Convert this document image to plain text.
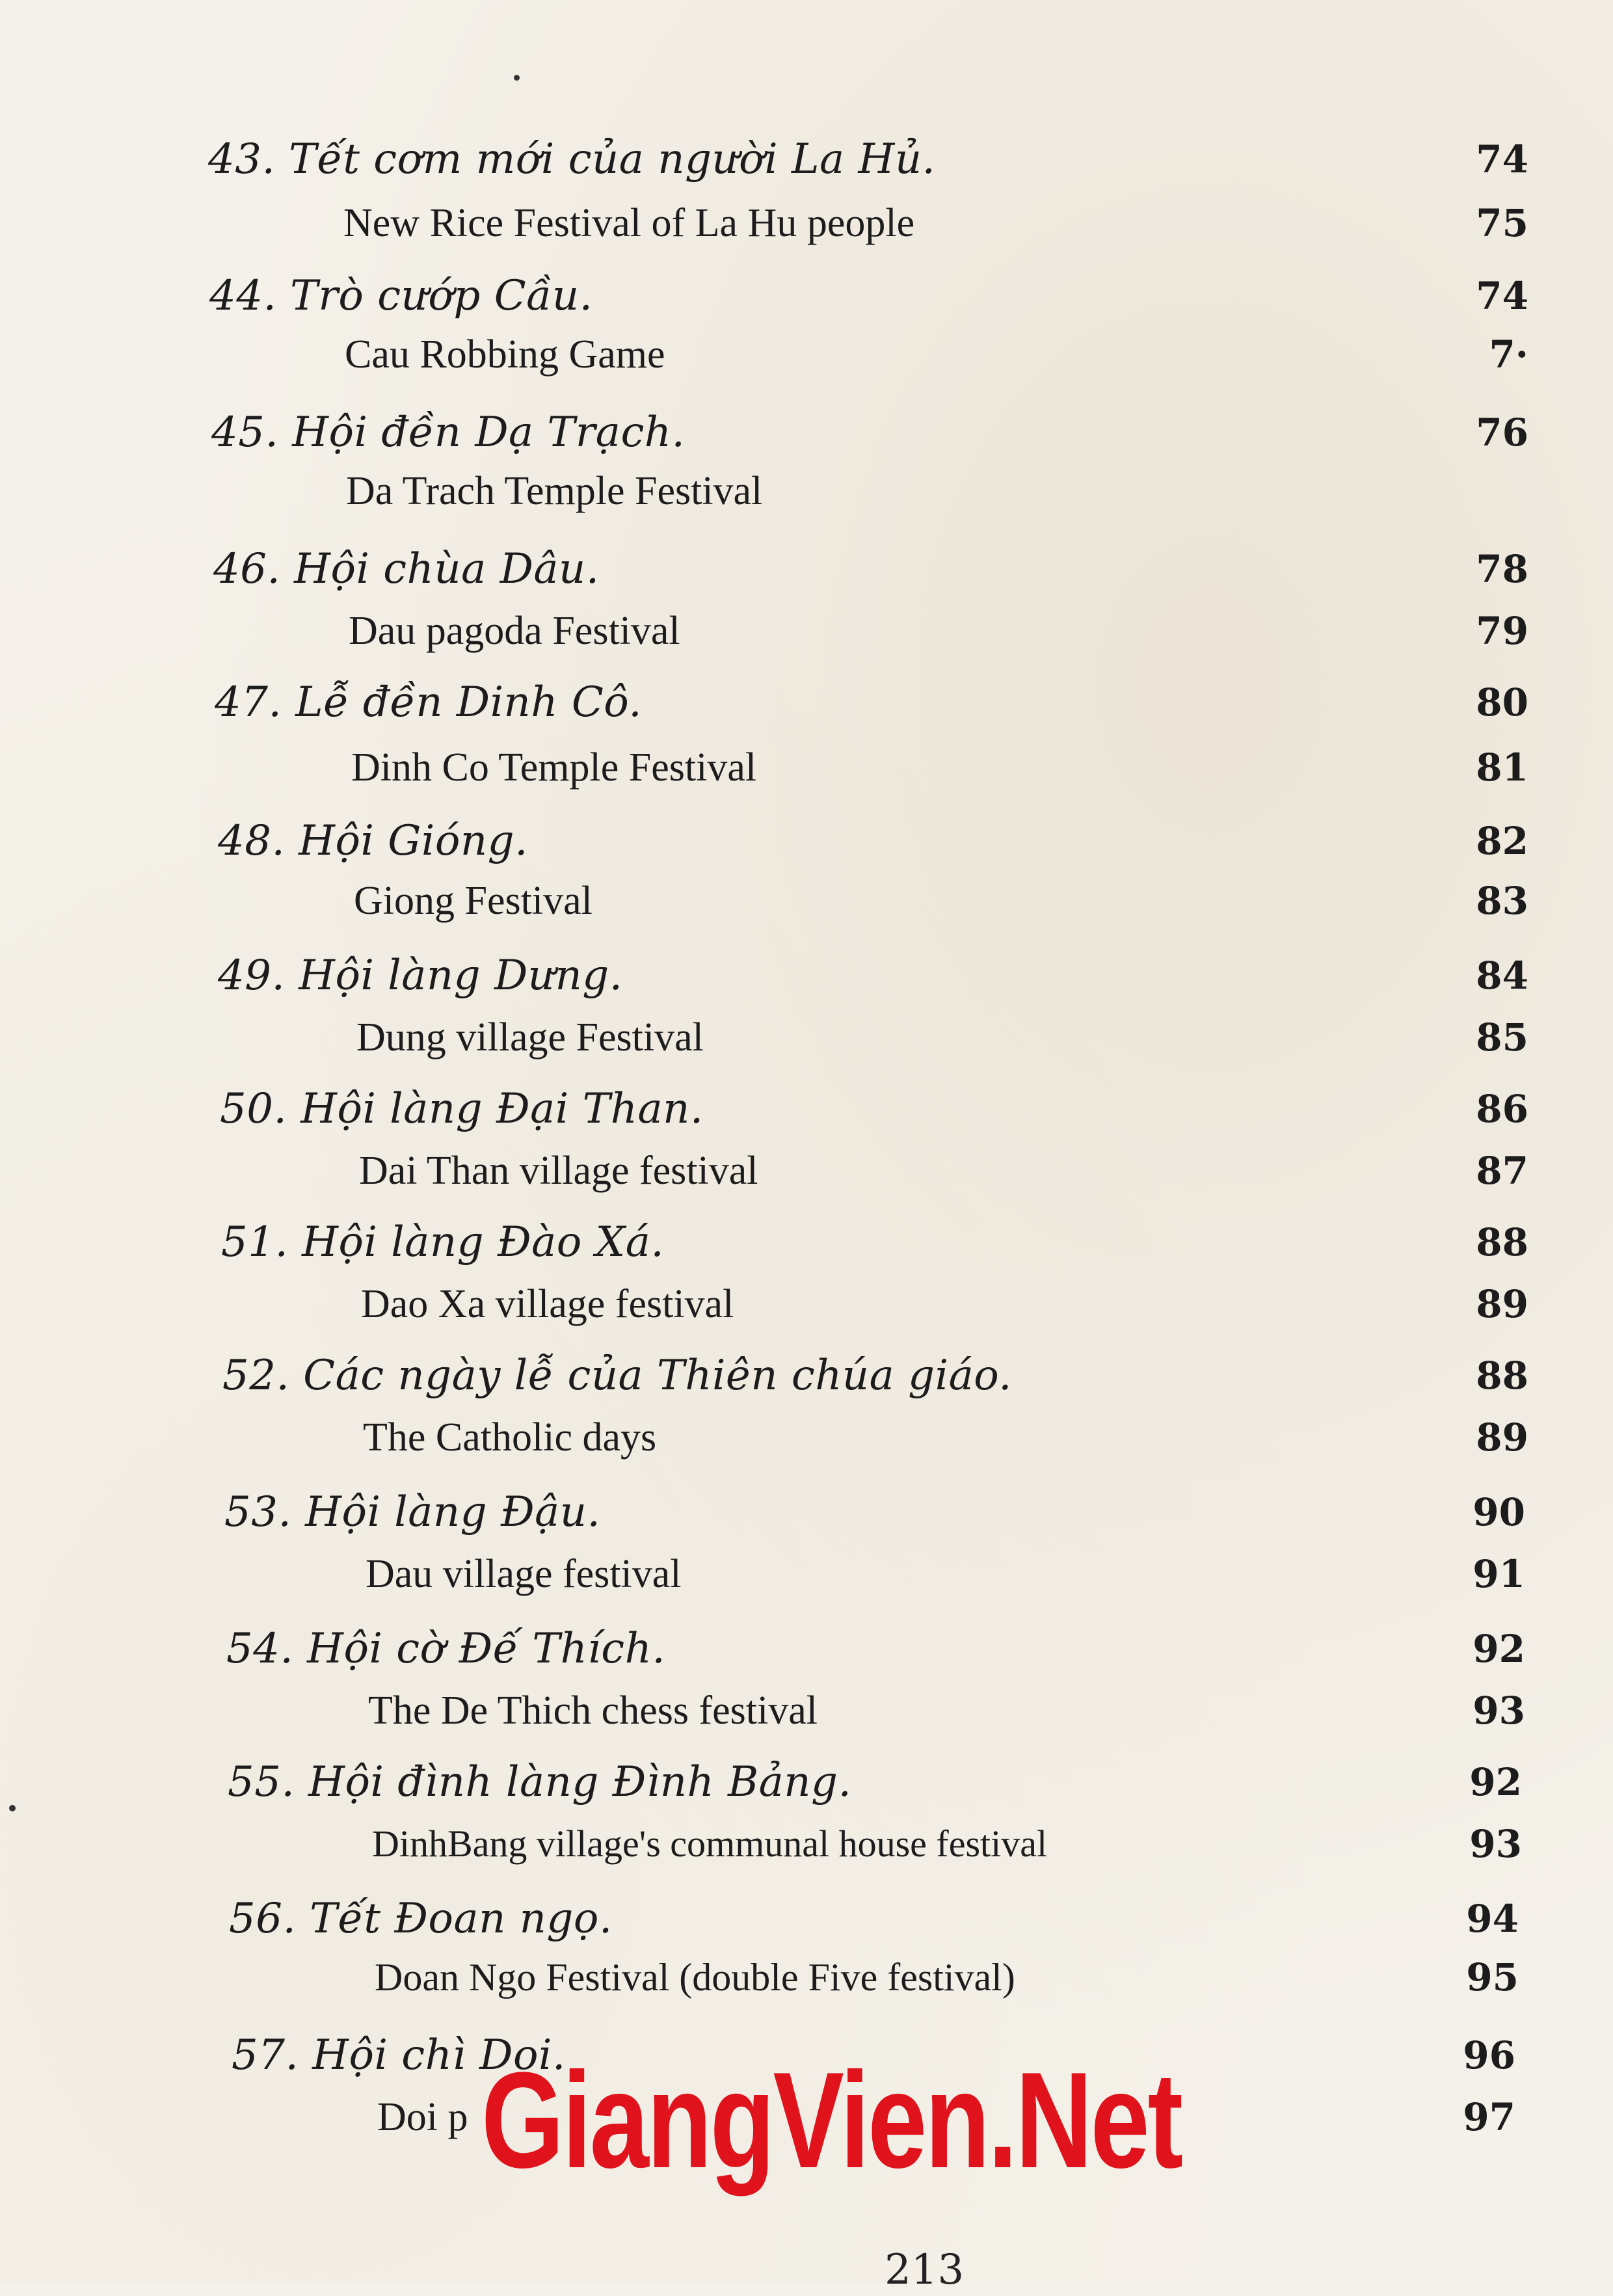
43. Tết cơm mới của người La Hủ.	74
New Rice Festival of La Hu people	75
44. Trò cướp Cầu.	74
Cau Robbing Game	7·
45. Hội đền Dạ Trạch.	76
Da Trach Temple Festival
46. Hội chùa Dâu.	78
Dau pagoda Festival	79
47. Lễ đền Dinh Cô.	80
Dinh Co Temple Festival	81
48. Hội Gióng.	82
Giong Festival	83
49. Hội làng Dưng.	84
Dung village Festival	85
50. Hội làng Đại Than.	86
Dai Than village festival	87
51. Hội làng Đào Xá.	88
Dao Xa village festival	89
52. Các ngày lễ của Thiên chúa giáo.	88
The Catholic days	89
53. Hội làng Đậu.	90
Dau village festival	91
54. Hội cờ Đế Thích.	92
The De Thich chess festival	93
55. Hội đình làng Đình Bảng.	92
DinhBang village's communal house festival	93
56. Tết Đoan ngọ.	94
Doan Ngo Festival (double Five festival)	95
57. Hội chì Doi.	96
Doi p	97
GiangVien.Net
213
